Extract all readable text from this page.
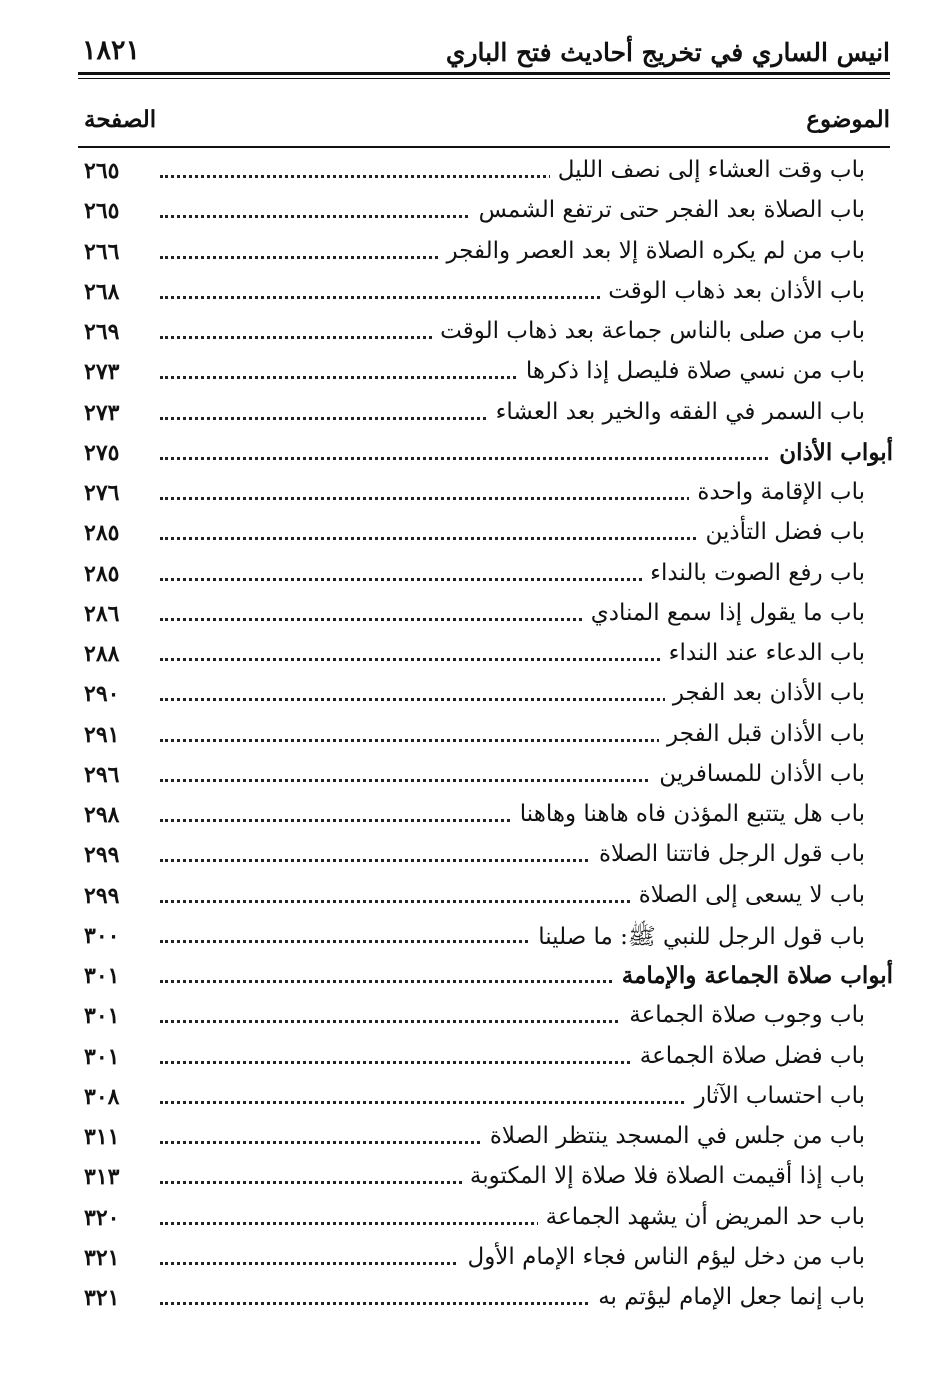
انيس الساري في تخريج أحاديث فتح الباري
١٨٢١
الموضوع
الصفحة
باب وقت العشاء إلى نصف الليل
٢٦٥
باب الصلاة بعد الفجر حتى ترتفع الشمس
٢٦٥
باب من لم يكره الصلاة إلا بعد العصر والفجر
٢٦٦
باب الأذان بعد ذهاب الوقت
٢٦٨
باب من صلى بالناس جماعة بعد ذهاب الوقت
٢٦٩
باب من نسي صلاة فليصل إذا ذكرها
٢٧٣
باب السمر في الفقه والخير بعد العشاء
٢٧٣
أبواب الأذان
٢٧٥
باب الإقامة واحدة
٢٧٦
باب فضل التأذين
٢٨٥
باب رفع الصوت بالنداء
٢٨٥
باب ما يقول إذا سمع المنادي
٢٨٦
باب الدعاء عند النداء
٢٨٨
باب الأذان بعد الفجر
٢٩٠
باب الأذان قبل الفجر
٢٩١
باب الأذان للمسافرين
٢٩٦
باب هل يتتبع المؤذن فاه هاهنا وهاهنا
٢٩٨
باب قول الرجل فاتتنا الصلاة
٢٩٩
باب لا يسعى إلى الصلاة
٢٩٩
باب قول الرجل للنبي ﷺ: ما صلينا
٣٠٠
أبواب صلاة الجماعة والإمامة
٣٠١
باب وجوب صلاة الجماعة
٣٠١
باب فضل صلاة الجماعة
٣٠١
باب احتساب الآثار
٣٠٨
باب من جلس في المسجد ينتظر الصلاة
٣١١
باب إذا أقيمت الصلاة فلا صلاة إلا المكتوبة
٣١٣
باب حد المريض أن يشهد الجماعة
٣٢٠
باب من دخل ليؤم الناس فجاء الإمام الأول
٣٢١
باب إنما جعل الإمام ليؤتم به
٣٢١
